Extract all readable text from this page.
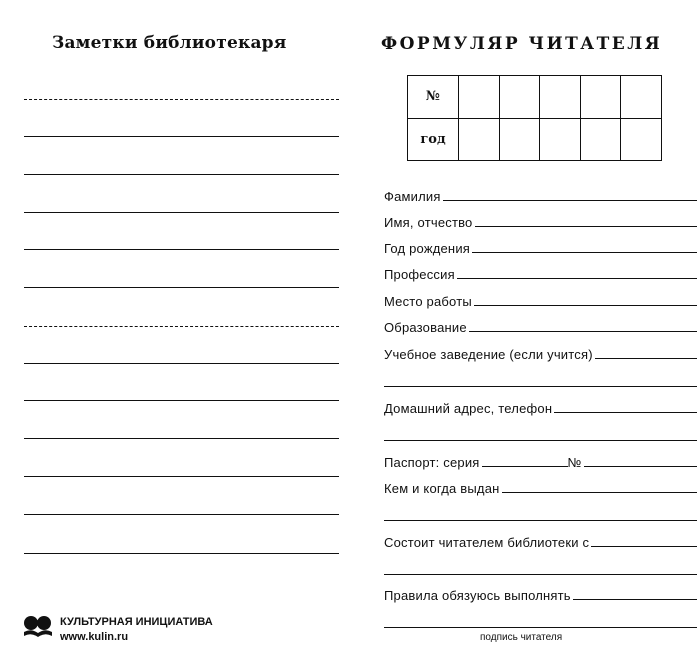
Заметки библиотекаря
КУЛЬТУРНАЯ ИНИЦИАТИВА
www.kulin.ru
ФОРМУЛЯР ЧИТАТЕЛЯ
№					
год					
Фамилия
Имя, отчество
Год рождения
Профессия
Место работы
Образование
Учебное заведение (если учится)
Домашний адрес, телефон
Паспорт: серия	№
Кем и когда выдан
Состоит читателем библиотеки с
Правила обязуюсь выполнять
подпись читателя
